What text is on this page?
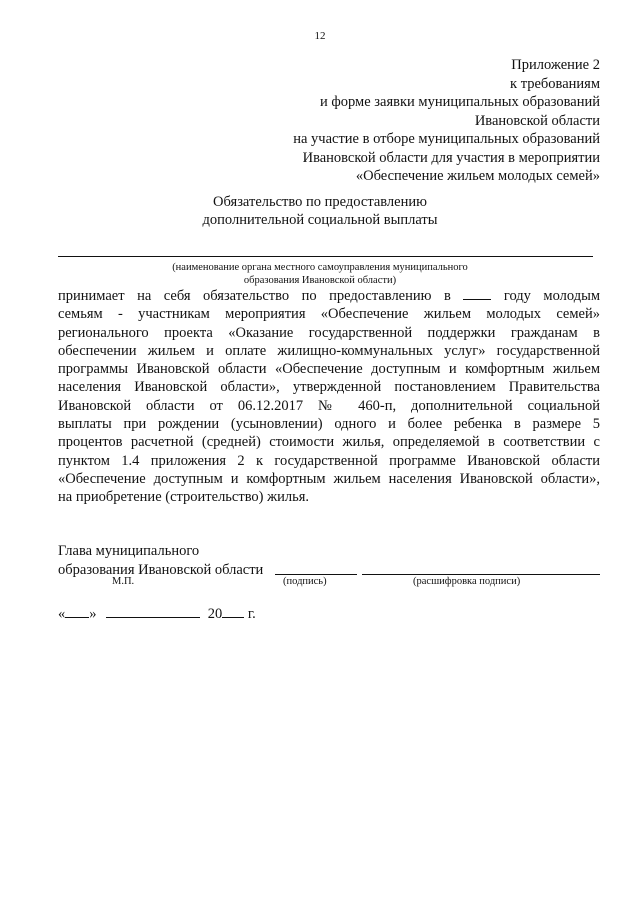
12
Приложение 2
к требованиям
и форме заявки муниципальных образований
Ивановской области
на участие в отборе муниципальных образований
Ивановской области для участия в мероприятии
«Обеспечение жильем молодых семей»
Обязательство по предоставлению
дополнительной социальной выплаты
(наименование органа местного самоуправления муниципального
образования Ивановской области)
принимает на себя обязательство по предоставлению в	году молодым
семьям - участникам мероприятия «Обеспечение жильем молодых семей»
регионального проекта «Оказание государственной поддержки гражданам в
обеспечении жильем и оплате жилищно-коммунальных услуг» государственной
программы Ивановской области «Обеспечение доступным и комфортным жильем
населения Ивановской области», утвержденной постановлением Правительства
Ивановской области от 06.12.2017 № 460-п, дополнительной социальной
выплаты при рождении (усыновлении) одного и более ребенка в размере 5
процентов расчетной (средней) стоимости жилья, определяемой в соответствии с
пунктом 1.4 приложения 2 к государственной программе Ивановской области
«Обеспечение доступным и комфортным жильем населения Ивановской области»,
на приобретение (строительство) жилья.
Глава муниципального
образования Ивановской области
М.П.	(подпись)	(расшифровка подписи)
« »	20 г.
